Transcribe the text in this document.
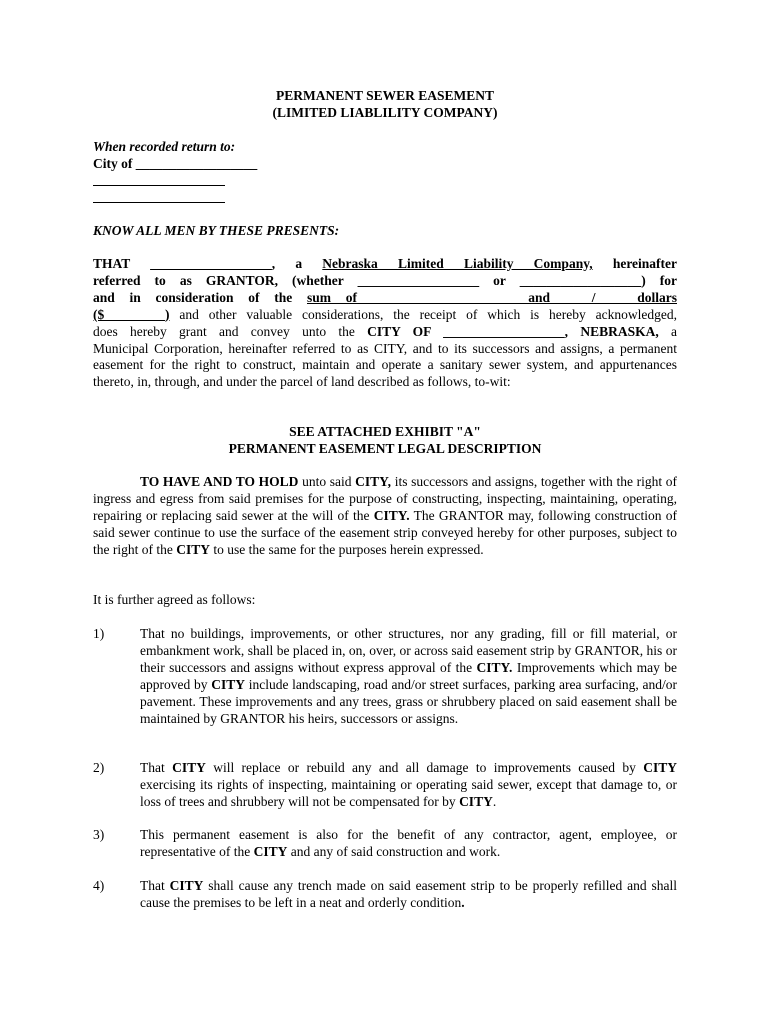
PERMANENT SEWER EASEMENT
(LIMITED LIABLILITY COMPANY)
When recorded return to:
City of __________________
KNOW ALL MEN BY THESE PRESENTS:
THAT __________________, a Nebraska Limited Liability Company, hereinafter
referred to as GRANTOR, (whether __________________ or __________________) for
and in consideration of the sum of _____________________ and ____/____ dollars
($_________) and other valuable considerations, the receipt of which is hereby acknowledged,
does hereby grant and convey unto the CITY OF __________________, NEBRASKA, a
Municipal Corporation, hereinafter referred to as CITY, and to its successors and assigns, a permanent easement for the right to construct, maintain and operate a sanitary sewer system, and appurtenances thereto, in, through, and under the parcel of land described as follows, to-wit:
SEE ATTACHED EXHIBIT "A"
PERMANENT EASEMENT LEGAL DESCRIPTION
TO HAVE AND TO HOLD unto said CITY, its successors and assigns, together with the right of ingress and egress from said premises for the purpose of constructing, inspecting, maintaining, operating, repairing or replacing said sewer at the will of the CITY. The GRANTOR may, following construction of said sewer continue to use the surface of the easement strip conveyed hereby for other purposes, subject to the right of the CITY to use the same for the purposes herein expressed.
It is further agreed as follows:
1)	That no buildings, improvements, or other structures, nor any grading, fill or fill material, or embankment work, shall be placed in, on, over, or across said easement strip by GRANTOR, his or their successors and assigns without express approval of the CITY. Improvements which may be approved by CITY include landscaping, road and/or street surfaces, parking area surfacing, and/or pavement. These improvements and any trees, grass or shrubbery placed on said easement shall be maintained by GRANTOR his heirs, successors or assigns.
2)	That CITY will replace or rebuild any and all damage to improvements caused by CITY exercising its rights of inspecting, maintaining or operating said sewer, except that damage to, or loss of trees and shrubbery will not be compensated for by CITY.
3)	This permanent easement is also for the benefit of any contractor, agent, employee, or representative of the CITY and any of said construction and work.
4)	That CITY shall cause any trench made on said easement strip to be properly refilled and shall cause the premises to be left in a neat and orderly condition.
